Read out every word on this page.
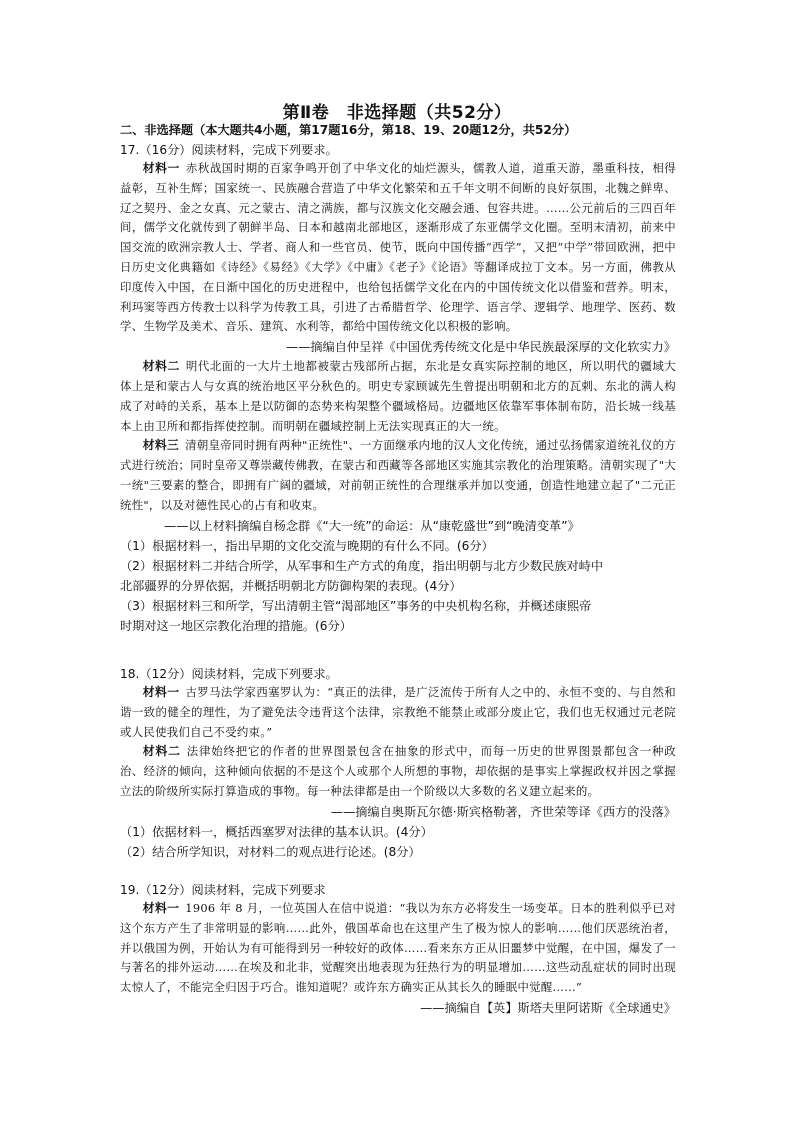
第Ⅱ卷　非选择题（共52分）
二、非选择题（本大题共4小题，第17题16分，第18、19、20题12分，共52分）
17.（16分）阅读材料，完成下列要求。
材料一 赤秋战国时期的百家争鸣开创了中华文化的灿烂源头，儒教人道，道重天游，墨重科技，相得益彰，互补生辉；国家统一、民族融合营造了中华文化繁荣和五千年文明不间断的良好氛围，北魏之鲜卑、辽之契丹、金之女真、元之蒙古、清之满族，都与汉族文化交融会通、包容共进。……公元前后的三四百年间，儒学文化就传到了朝鲜半岛、日本和越南北部地区，逐渐形成了东亚儒学文化圈。至明末清初，前来中国交流的欧洲宗教人士、学者、商人和一些官员、使节，既向中国传播“西学”，又把“中学”带回欧洲，把中日历史文化典籍如《诗经》《易经》《大学》《中庸》《老子》《论语》等翻译成拉丁文本。另一方面，佛教从印度传入中国，在日渐中国化的历史进程中，也给包括儒学文化在内的中国传统文化以借鉴和营养。明末，利玛窦等西方传教士以科学为传教工具，引进了古希腊哲学、伦理学、语言学、逻辑学、地理学、医药、数学、生物学及美术、音乐、建筑、水利等，都给中国传统文化以积极的影响。
——摘编自仲呈祥《中国优秀传统文化是中华民族最深厚的文化软实力》
材料二 明代北面的一大片土地都被蒙古残部所占据，东北是女真实际控制的地区，所以明代的疆域大体上是和蒙古人与女真的统治地区平分秋色的。明史专家顾诚先生曾提出明朝和北方的瓦剌、东北的满人构成了对峙的关系，基本上是以防御的态势来构架整个疆域格局。边疆地区依靠军事体制布防，沿长城一线基本上由卫所和都指挥使控制。而明朝在疆域控制上无法实现真正的大一统。
材料三 清朝皇帝同时拥有两种"正统性"、一方面继承内地的汉人文化传统，通过弘扬儒家道统礼仪的方式进行统治；同时皇帝又尊崇藏传佛教，在蒙古和西藏等各部地区实施其宗教化的治理策略。清朝实现了"大一统"三要素的整合，即拥有广阔的疆域，对前朝正统性的合理继承并加以变通，创造性地建立起了"二元正统性"，以及对德性民心的占有和收束。
——以上材料摘编自杨念群《“大一统”的命运：从“康乾盛世”到“晚清变革”》
（1）根据材料一，指出早期的文化交流与晚期的有什么不同。(6分）
（2）根据材料二并结合所学，从军事和生产方式的角度，指出明朝与北方少数民族对峙中
北部疆界的分界依据，并概括明朝北方防御构架的表现。(4分）
（3）根据材料三和所学，写出清朝主管“渴部地区”事务的中央机构名称，并概述康熙帝
时期对这一地区宗教化治理的措施。(6分）
18.（12分）阅读材料，完成下列要求。
材料一 古罗马法学家西塞罗认为：“真正的法律，是广泛流传于所有人之中的、永恒不变的、与自然和谐一致的健全的理性，为了避免法令违背这个法律，宗教绝不能禁止或部分废止它，我们也无权通过元老院或人民使我们自己不受约束。”
材料二 法律始终把它的作者的世界图景包含在抽象的形式中，而每一历史的世界图景都包含一种政治、经济的倾向，这种倾向依据的不是这个人或那个人所想的事物，却依据的是事实上掌握政权并因之掌握立法的阶级所实际打算造成的事物。每一种法律都是由一个阶级以大多数的名义建立起来的。
——摘编自奥斯瓦尔德·斯宾格勒著，齐世荣等译《西方的没落》
（1）依据材料一，概括西塞罗对法律的基本认识。(4分）
（2）结合所学知识，对材料二的观点进行论述。(8分）
19.（12分）阅读材料，完成下列要求
材料一 1906 年 8 月，一位英国人在信中说道：“我以为东方必将发生一场变革。日本的胜利似乎已对这个东方产生了非常明显的影响……此外，俄国革命也在这里产生了极为惊人的影响……他们厌恶统治者，并以俄国为例，开始认为有可能得到另一种较好的政体……看来东方正从旧噩梦中觉醒，在中国，爆发了一与著名的排外运动……在埃及和北非，觉醒突出地表现为狂热行为的明显增加……这些动乱症状的同时出现太惊人了，不能完全归因于巧合。谁知道呢？或许东方确实正从其长久的睡眠中觉醒……”
——摘编自【英】斯塔夫里阿诺斯《全球通史》
